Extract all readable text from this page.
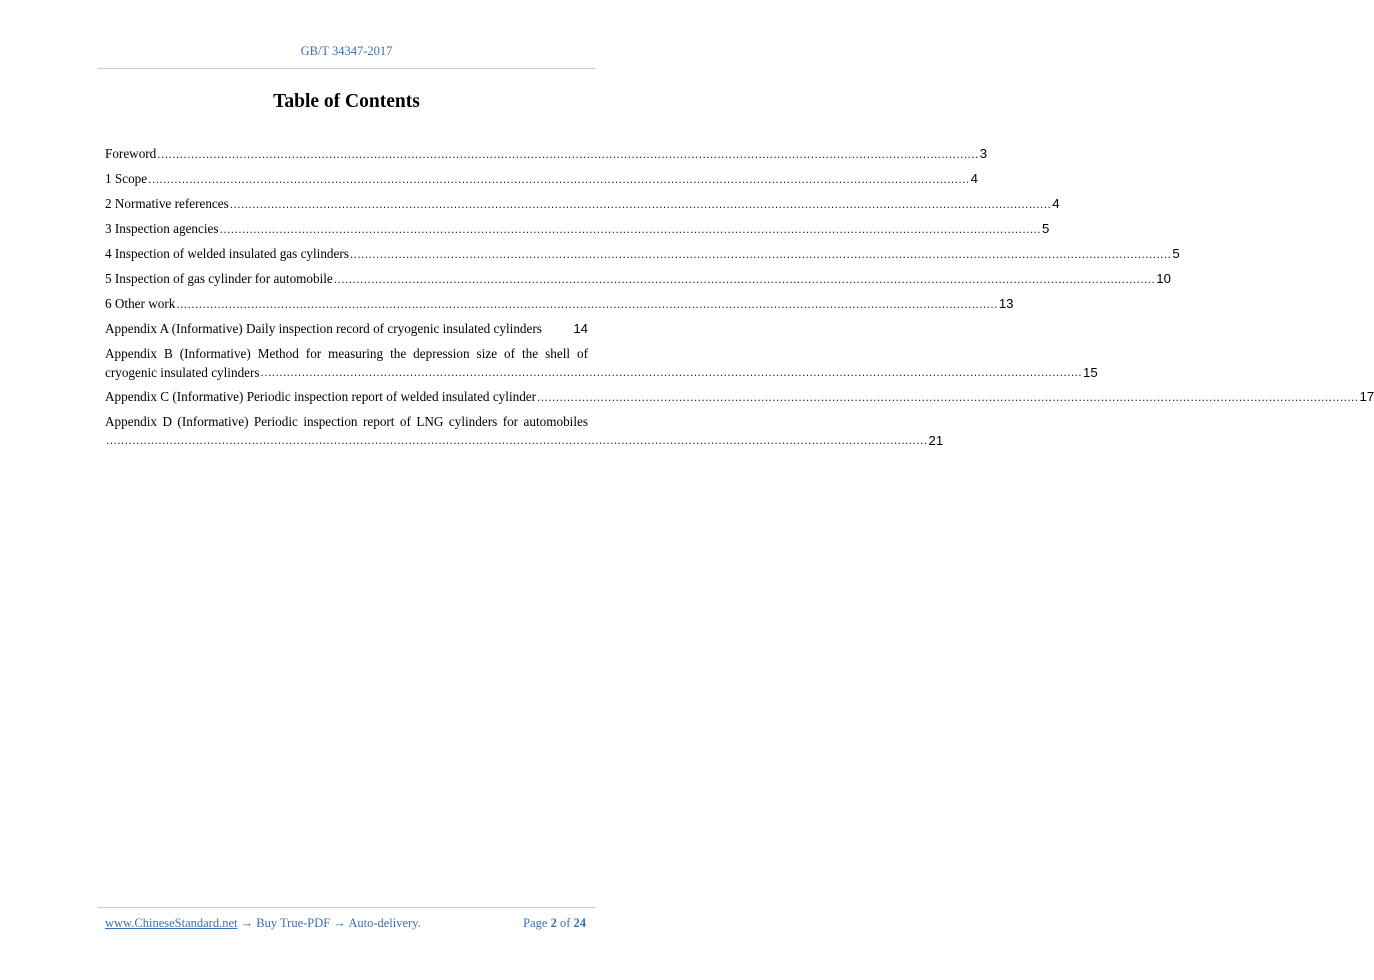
GB/T 34347-2017
Table of Contents
Foreword ............................................................................................................................................................................................................................ 3
1 Scope ............................................................................................................................................................................................................................ 4
2 Normative references ............................................................................................................................................................................................................................ 4
3 Inspection agencies ............................................................................................................................................................................................................................ 5
4 Inspection of welded insulated gas cylinders ............................................................................................................................................................................................................................ 5
5 Inspection of gas cylinder for automobile ............................................................................................................................................................................................................................ 10
6 Other work ............................................................................................................................................................................................................................ 13
Appendix A (Informative) Daily inspection record of cryogenic insulated cylinders 14
Appendix B (Informative) Method for measuring the depression size of the shell of
cryogenic insulated cylinders ............................................................................................................................................................................................................................ 15
Appendix C (Informative) Periodic inspection report of welded insulated cylinder ............................................................................................................................................................................................................................ 17
Appendix D (Informative) Periodic inspection report of LNG cylinders for automobiles
............................................................................................................................................................................................................................ 21
www.ChineseStandard.net → Buy True-PDF → Auto-delivery.	Page 2 of 24
